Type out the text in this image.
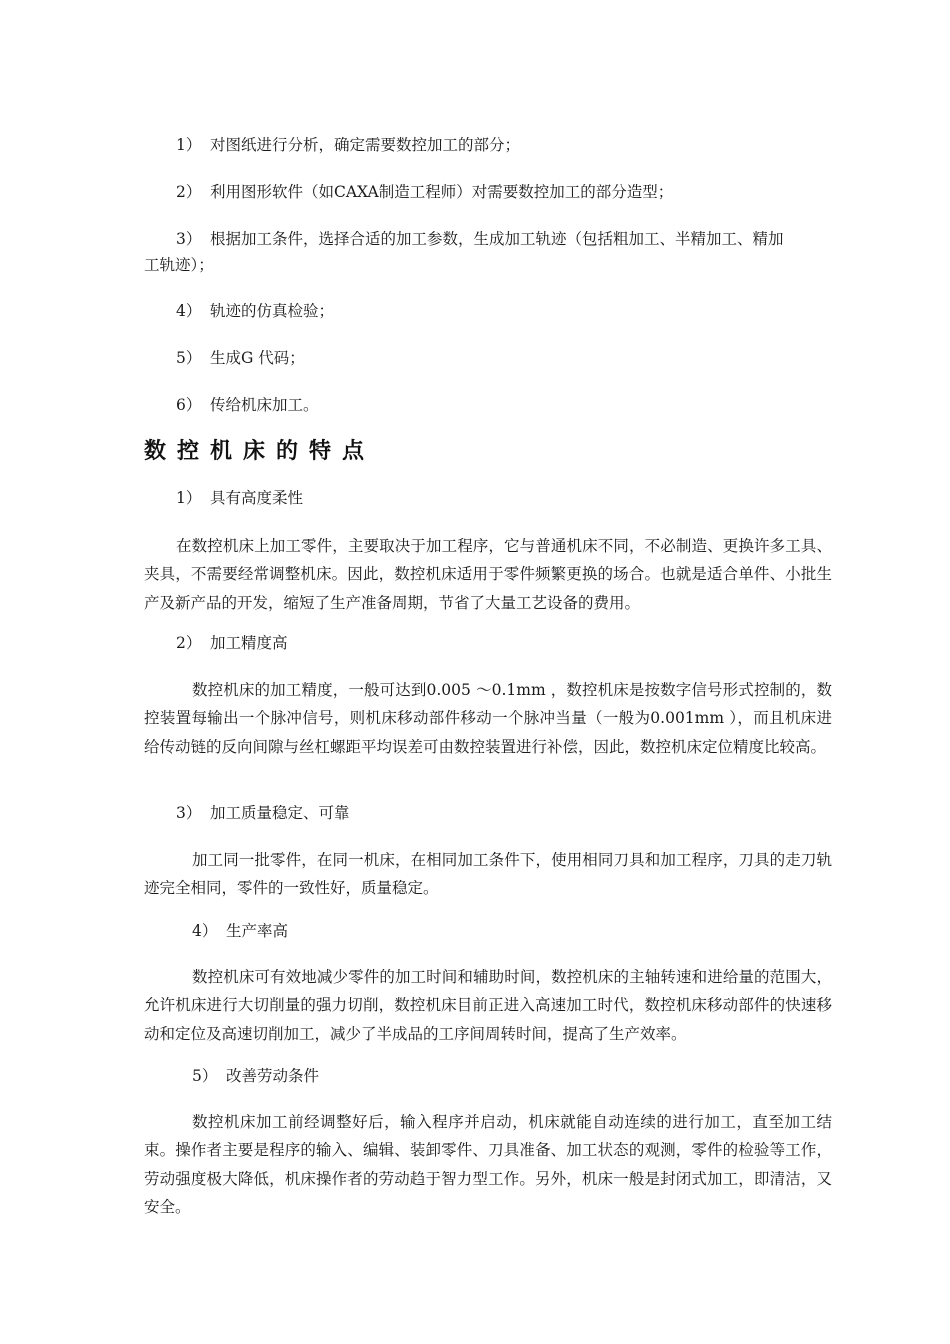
1） 对图纸进行分析，确定需要数控加工的部分；
2） 利用图形软件（如CAXA制造工程师）对需要数控加工的部分造型；
3） 根据加工条件，选择合适的加工参数，生成加工轨迹（包括粗加工、半精加工、精加
工轨迹）；
4） 轨迹的仿真检验；
5） 生成G 代码；
6） 传给机床加工。
数控机床的特点
1） 具有高度柔性
在数控机床上加工零件，主要取决于加工程序，它与普通机床不同，不必制造、更换许多工具、夹具，不需要经常调整机床。因此，数控机床适用于零件频繁更换的场合。也就是适合单件、小批生产及新产品的开发，缩短了生产准备周期，节省了大量工艺设备的费用。
2） 加工精度高
数控机床的加工精度，一般可达到0.005 ～0.1mm ，数控机床是按数字信号形式控制的，数控装置每输出一个脉冲信号，则机床移动部件移动一个脉冲当量（一般为0.001mm ），而且机床进给传动链的反向间隙与丝杠螺距平均误差可由数控装置进行补偿，因此，数控机床定位精度比较高。
3） 加工质量稳定、可靠
加工同一批零件，在同一机床，在相同加工条件下，使用相同刀具和加工程序，刀具的走刀轨迹完全相同，零件的一致性好，质量稳定。
4） 生产率高
数控机床可有效地减少零件的加工时间和辅助时间，数控机床的主轴转速和进给量的范围大，允许机床进行大切削量的强力切削，数控机床目前正进入高速加工时代，数控机床移动部件的快速移动和定位及高速切削加工，减少了半成品的工序间周转时间，提高了生产效率。
5） 改善劳动条件
数控机床加工前经调整好后，输入程序并启动，机床就能自动连续的进行加工，直至加工结束。操作者主要是程序的输入、编辑、装卸零件、刀具准备、加工状态的观测，零件的检验等工作，劳动强度极大降低，机床操作者的劳动趋于智力型工作。另外，机床一般是封闭式加工，即清洁，又安全。
